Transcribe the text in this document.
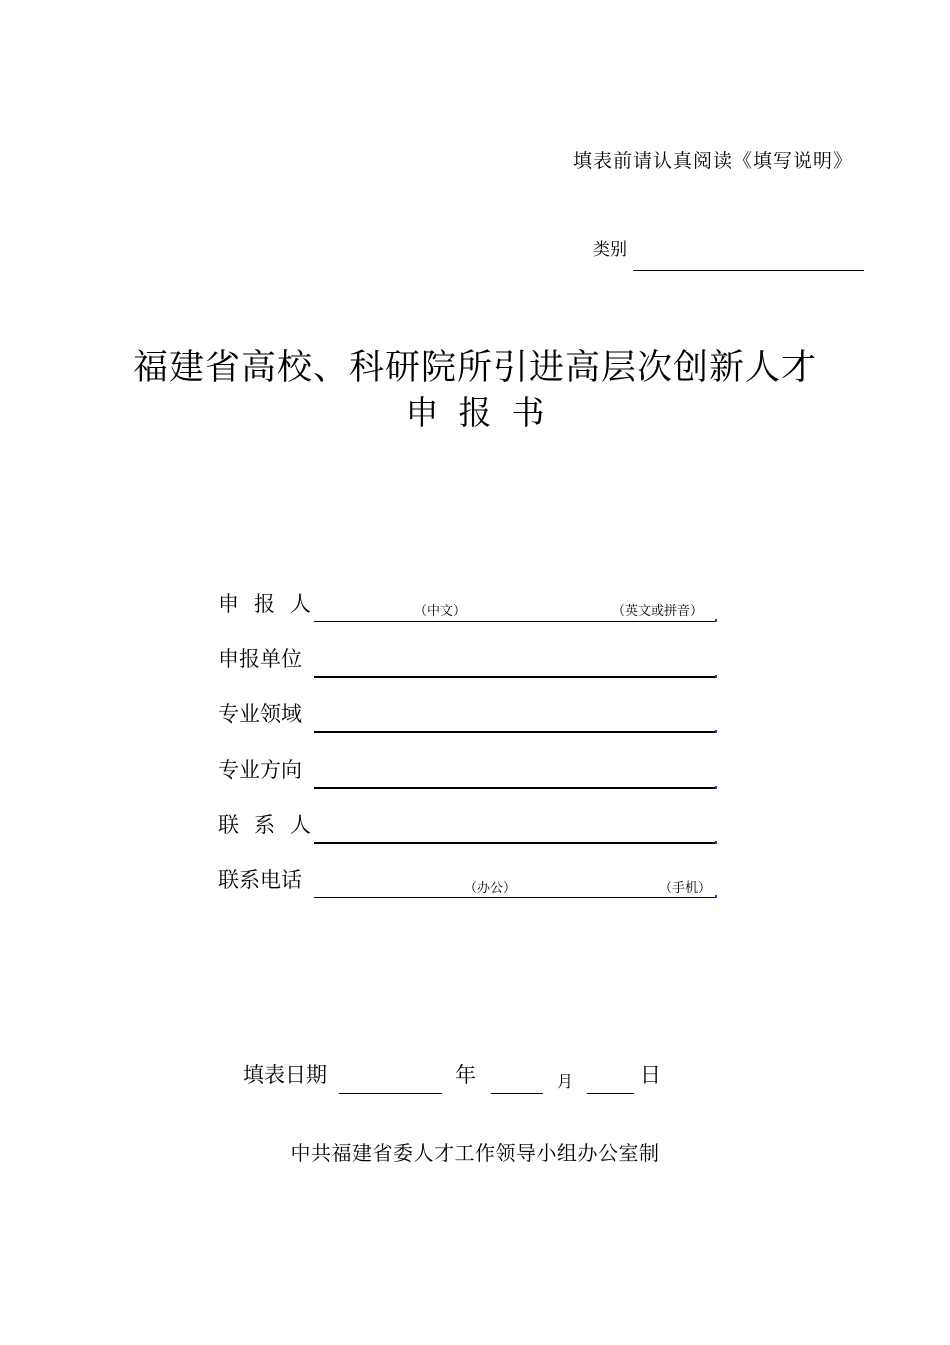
填表前请认真阅读《填写说明》
类别
福建省高校、科研院所引进高层次创新人才
申报书
申报人	（中文）	（英文或拼音）
申报单位
专业领域
专业方向
联系人
联系电话	（办公）	（手机）
填表日期	年	月	日
中共福建省委人才工作领导小组办公室制
